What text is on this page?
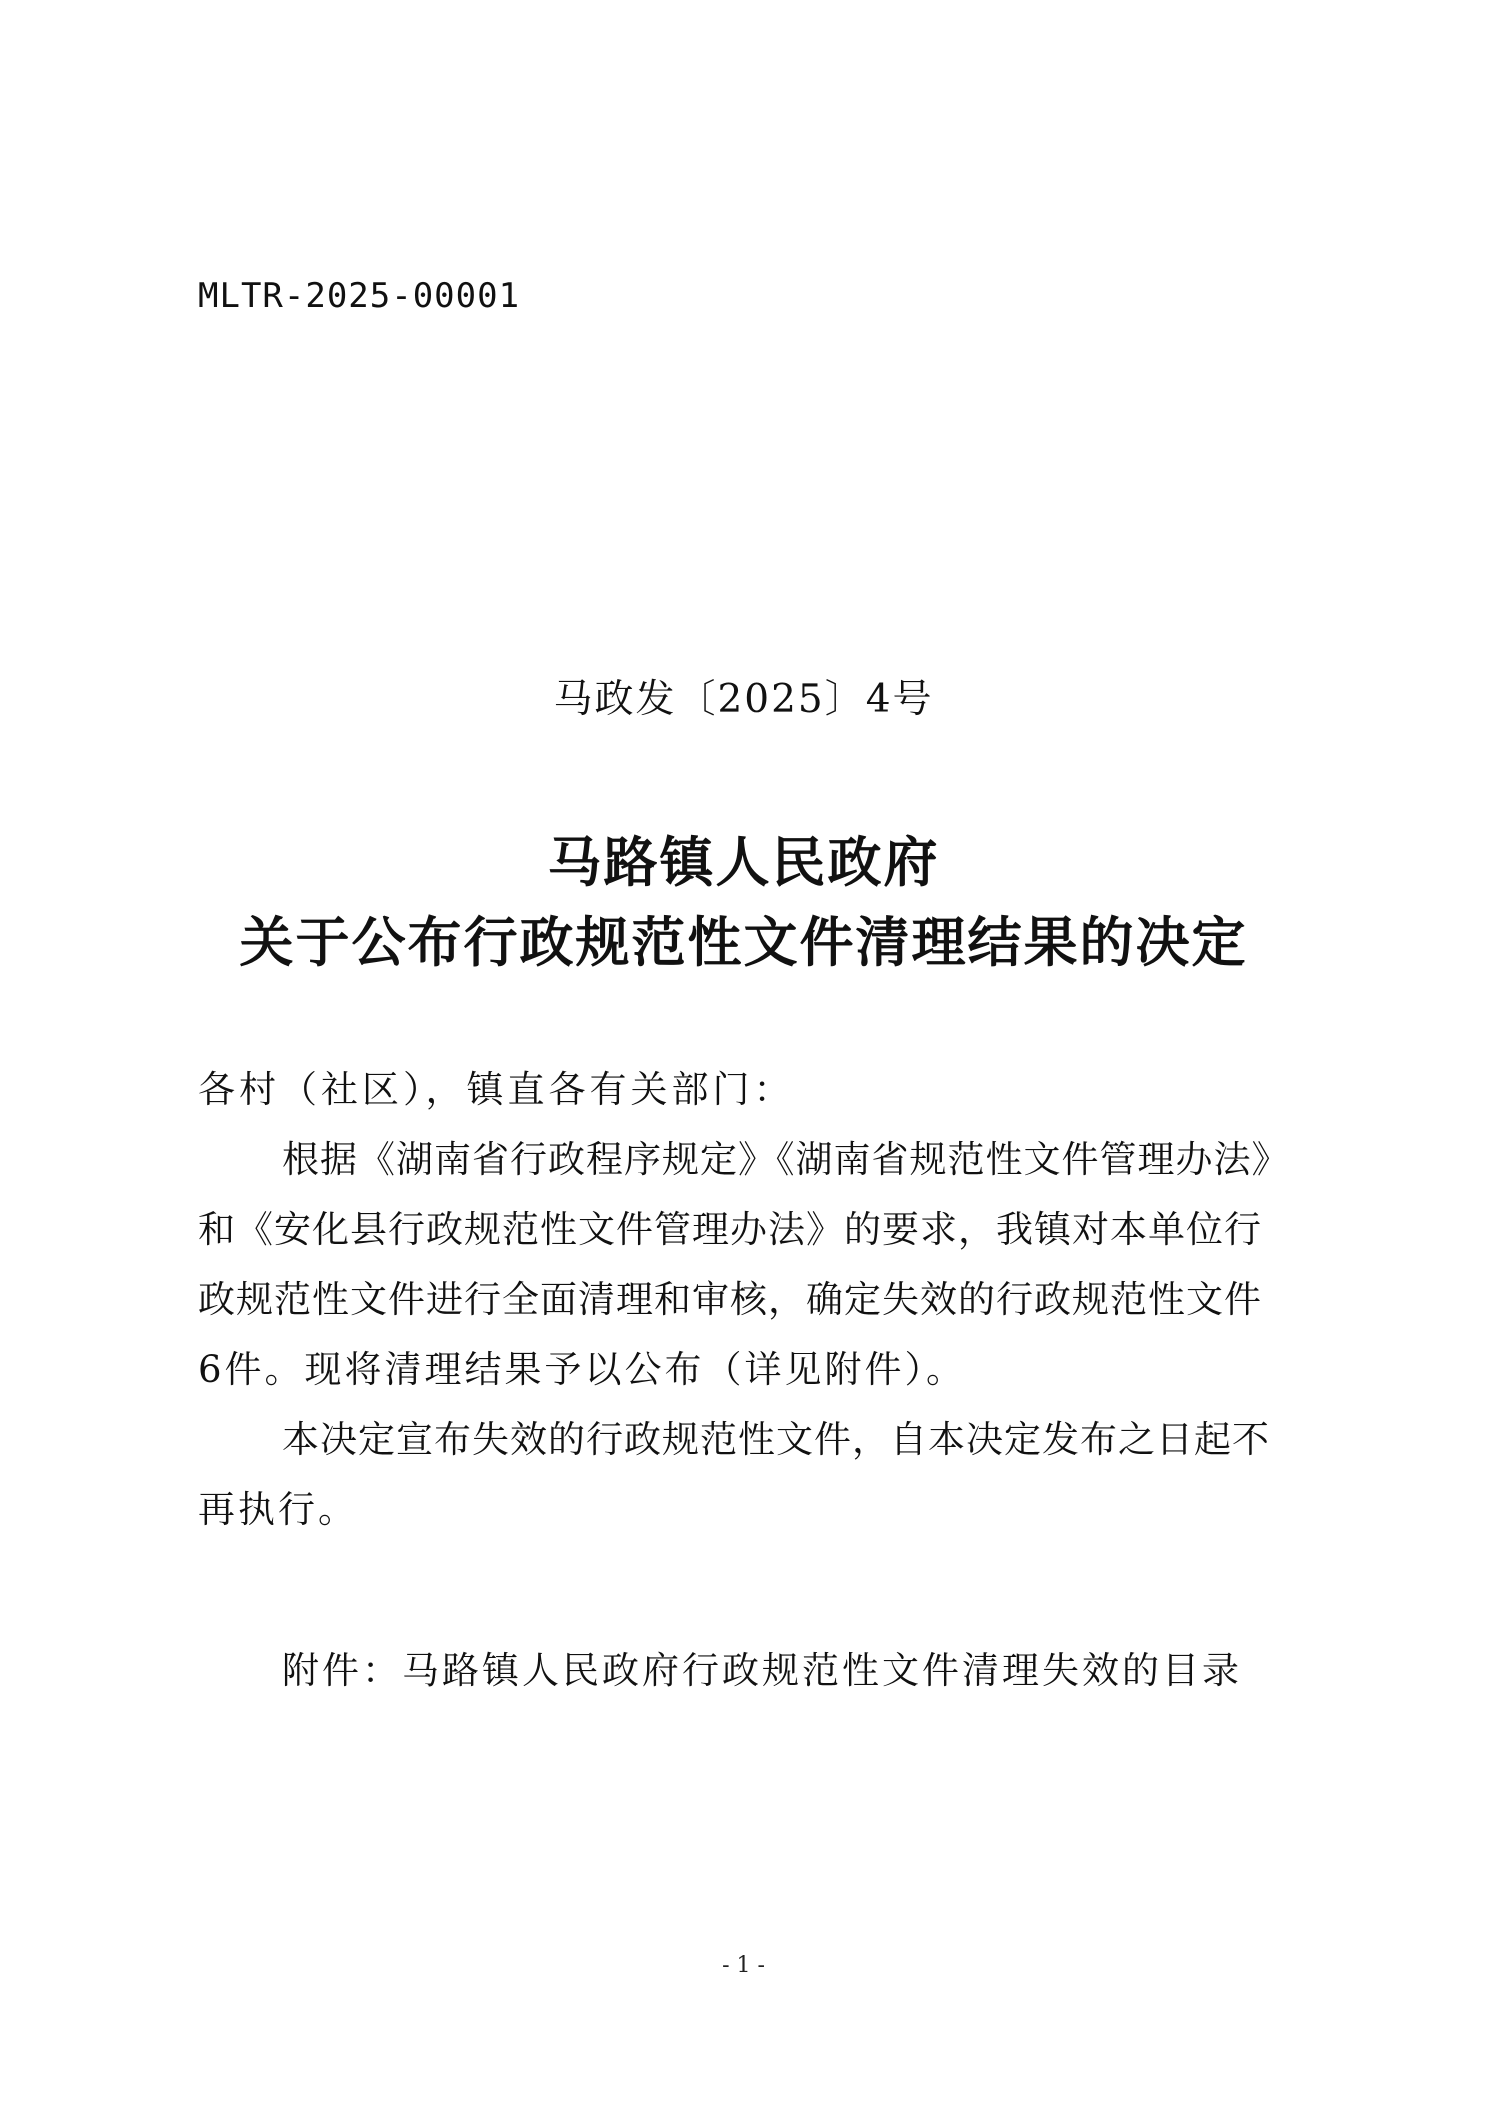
MLTR-2025-00001
马政发〔2025〕4号
马路镇人民政府
关于公布行政规范性文件清理结果的决定
各村（社区），镇直各有关部门：
根据《湖南省行政程序规定》《湖南省规范性文件管理办法》
和《安化县行政规范性文件管理办法》的要求，我镇对本单位行
政规范性文件进行全面清理和审核，确定失效的行政规范性文件
6件。现将清理结果予以公布（详见附件）。
本决定宣布失效的行政规范性文件，自本决定发布之日起不
再执行。
附件：马路镇人民政府行政规范性文件清理失效的目录
- 1 -
